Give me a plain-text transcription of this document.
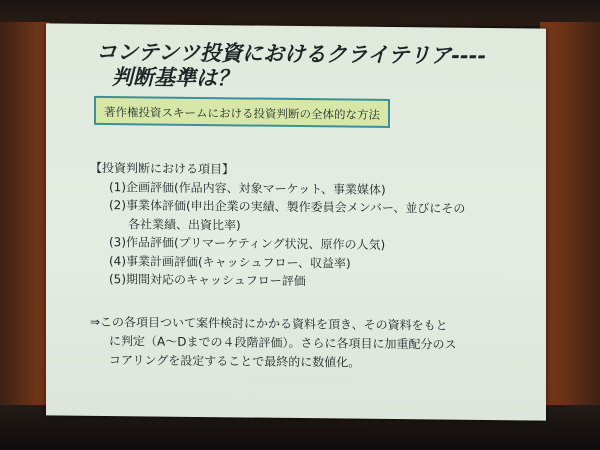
コンテンツ投資におけるクライテリア----
判断基準は？
著作権投資スキームにおける投資判断の全体的な方法
【投資判断における項目】
(1)企画評価(作品内容、対象マーケット、事業媒体)
(2)事業体評価(申出企業の実績、製作委員会メンバー、並びにその
各社業績、出資比率)
(3)作品評価(プリマーケティング状況、原作の人気)
(4)事業計画評価(キャッシュフロー、収益率)
(5)期間対応のキャッシュフロー評価
⇒この各項目ついて案件検討にかかる資料を頂き、その資料をもと
に判定（A～Dまでの４段階評価）。さらに各項目に加重配分のス
コアリングを設定することで最終的に数値化。
